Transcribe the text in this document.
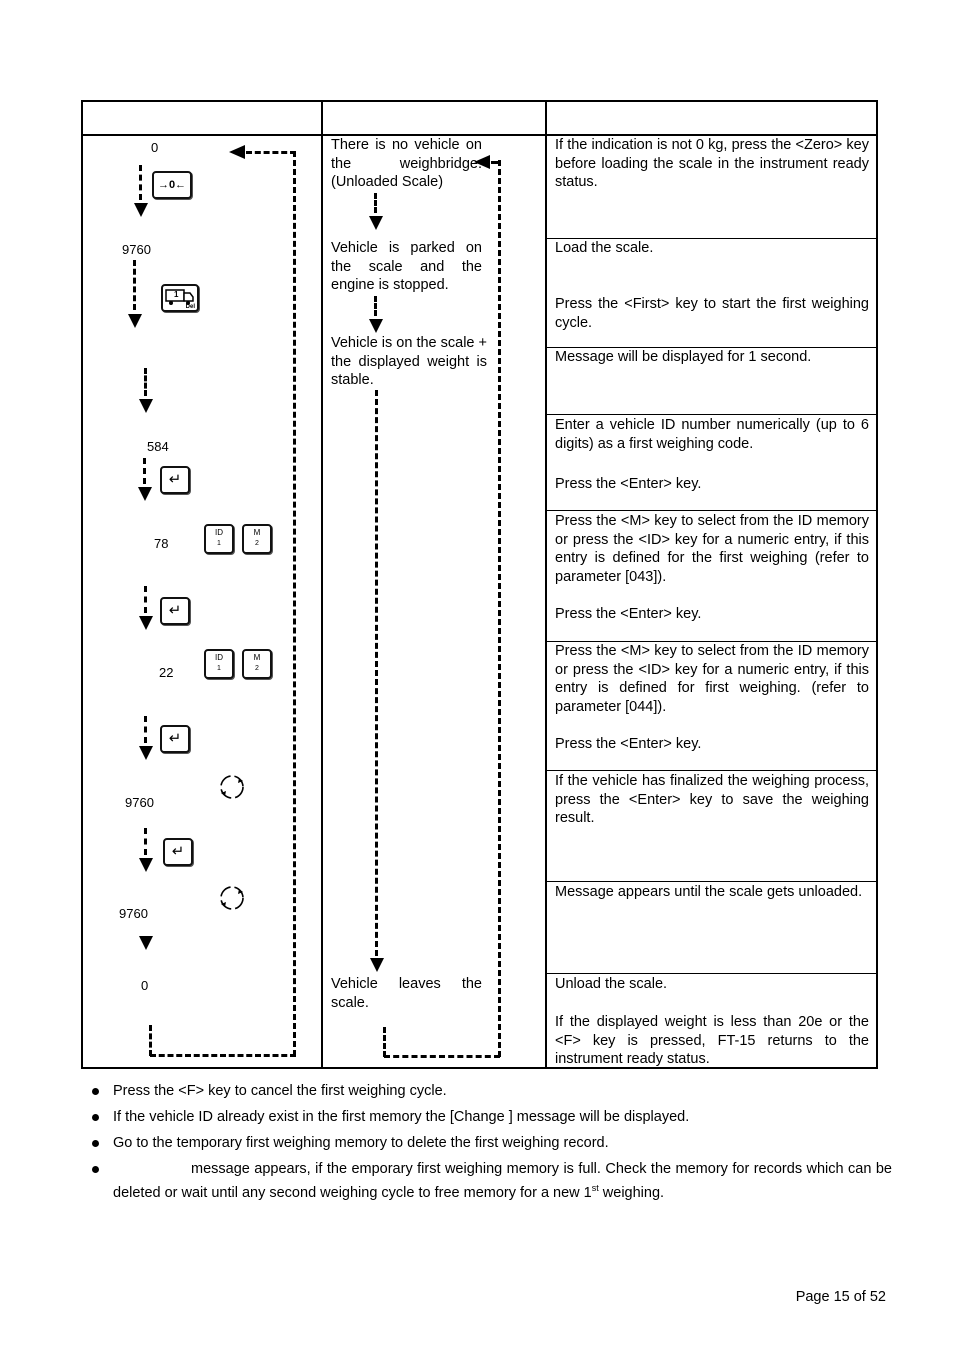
If the indication is not 0 kg, press the <Zero> key before loading the scale in the instrument ready status.
Load the scale.
Press the <First> key to start the first weighing cycle.
Message will be displayed for 1 second.
Enter a vehicle ID number numerically (up to 6 digits) as a first weighing code.
Press the <Enter> key.
Press the <M> key to select from the ID memory or press the <ID> key for a numeric entry, if this entry is defined for the first weighing (refer to parameter [043]).
Press the <Enter> key.
Press the <M> key to select from the ID memory or press the <ID> key for a numeric entry, if this entry is defined for first weighing. (refer to parameter [044]).
Press the <Enter> key.
If the vehicle has finalized the weighing process, press the <Enter> key to save the weighing result.
Message appears until the scale gets unloaded.
Unload the scale.
If the displayed weight is less than 20e or the <F> key is pressed, FT-15 returns to the instrument ready status.
There is no vehicle on the weighbridge. (Unloaded Scale)
Vehicle is parked on the scale and the engine is stopped.
Vehicle is on the scale + the displayed weight is stable.
Vehicle leaves the scale.
0
→0←
9760
1
Del
584
↵
78
ID
1
M
2
↵
22
ID
1
M
2
↵
9760
↵
9760
0
Press the <F> key to cancel the first weighing cycle.
If the vehicle ID already exist in the first memory the [Change ] message will be displayed.
Go to the temporary first weighing memory to delete the first weighing record.
message appears, if the emporary first weighing memory is full. Check the memory for records which can be deleted or wait until any second weighing cycle to free memory for a new 1st weighing.
Page 15 of 52
